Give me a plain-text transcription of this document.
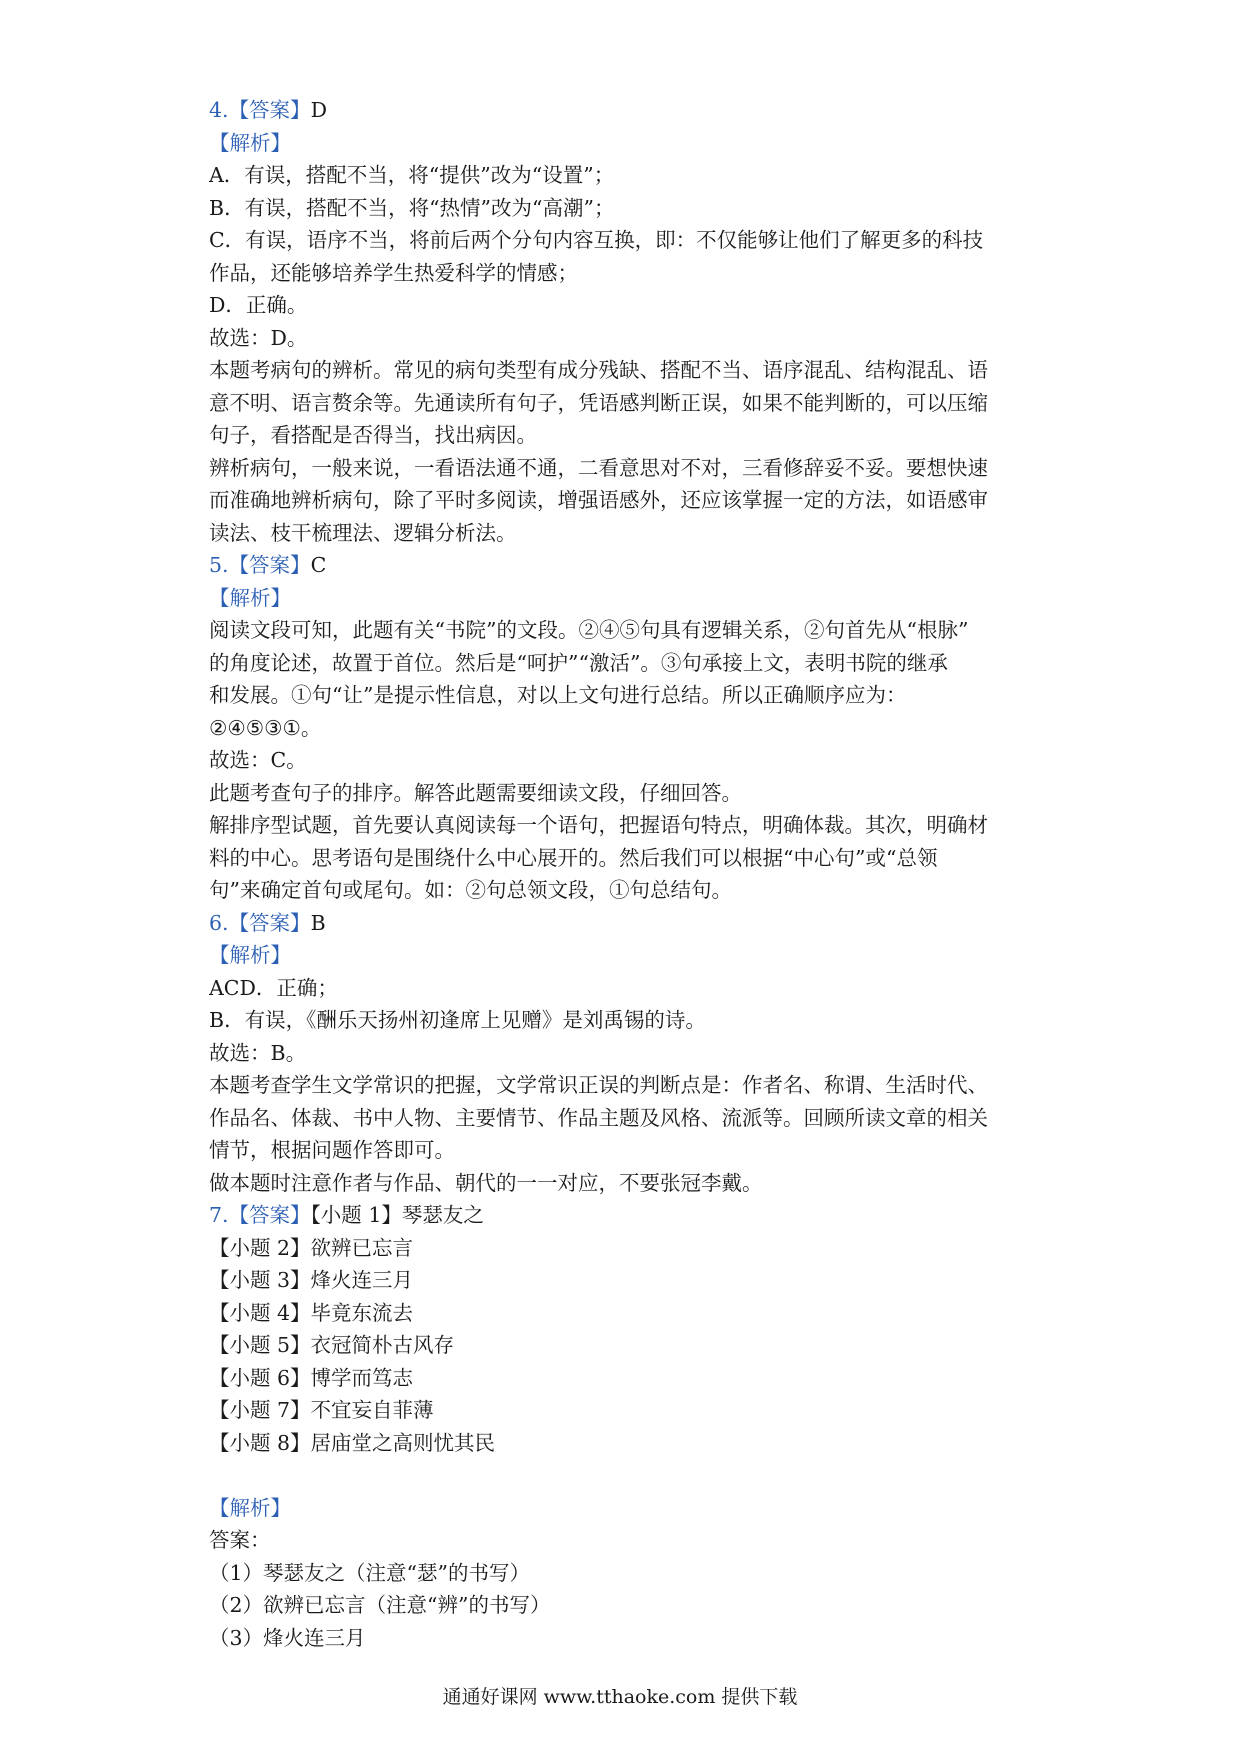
4.【答案】D
【解析】
A．有误，搭配不当，将“提供”改为“设置”；
B．有误，搭配不当，将“热情”改为“高潮”；
C．有误，语序不当，将前后两个分句内容互换，即：不仅能够让他们了解更多的科技
作品，还能够培养学生热爱科学的情感；
D．正确。
故选：D。
本题考病句的辨析。常见的病句类型有成分残缺、搭配不当、语序混乱、结构混乱、语
意不明、语言赘余等。先通读所有句子，凭语感判断正误，如果不能判断的，可以压缩
句子，看搭配是否得当，找出病因。
辨析病句，一般来说，一看语法通不通，二看意思对不对，三看修辞妥不妥。要想快速
而准确地辨析病句，除了平时多阅读，增强语感外，还应该掌握一定的方法，如语感审
读法、枝干梳理法、逻辑分析法。
5.【答案】C
【解析】
阅读文段可知，此题有关“书院”的文段。②④⑤句具有逻辑关系，②句首先从“根脉”
的角度论述，故置于首位。然后是“呵护”“激活”。③句承接上文，表明书院的继承
和发展。①句“让”是提示性信息，对以上文句进行总结。所以正确顺序应为：
②④⑤③①。
故选：C。
此题考查句子的排序。解答此题需要细读文段，仔细回答。
解排序型试题，首先要认真阅读每一个语句，把握语句特点，明确体裁。其次，明确材
料的中心。思考语句是围绕什么中心展开的。然后我们可以根据“中心句”或“总领
句”来确定首句或尾句。如：②句总领文段，①句总结句。
6.【答案】B
【解析】
ACD．正确；
B．有误，《酬乐天扬州初逢席上见赠》是刘禹锡的诗。
故选：B。
本题考查学生文学常识的把握，文学常识正误的判断点是：作者名、称谓、生活时代、
作品名、体裁、书中人物、主要情节、作品主题及风格、流派等。回顾所读文章的相关
情节，根据问题作答即可。
做本题时注意作者与作品、朝代的一一对应，不要张冠李戴。
7.【答案】【小题 1】琴瑟友之
【小题 2】欲辨已忘言
【小题 3】烽火连三月
【小题 4】毕竟东流去
【小题 5】衣冠简朴古风存
【小题 6】博学而笃志
【小题 7】不宜妄自菲薄
【小题 8】居庙堂之高则忧其民
【解析】
答案：
（1）琴瑟友之（注意“瑟”的书写）
（2）欲辨已忘言（注意“辨”的书写）
（3）烽火连三月
通通好课网 www.tthaoke.com 提供下载
